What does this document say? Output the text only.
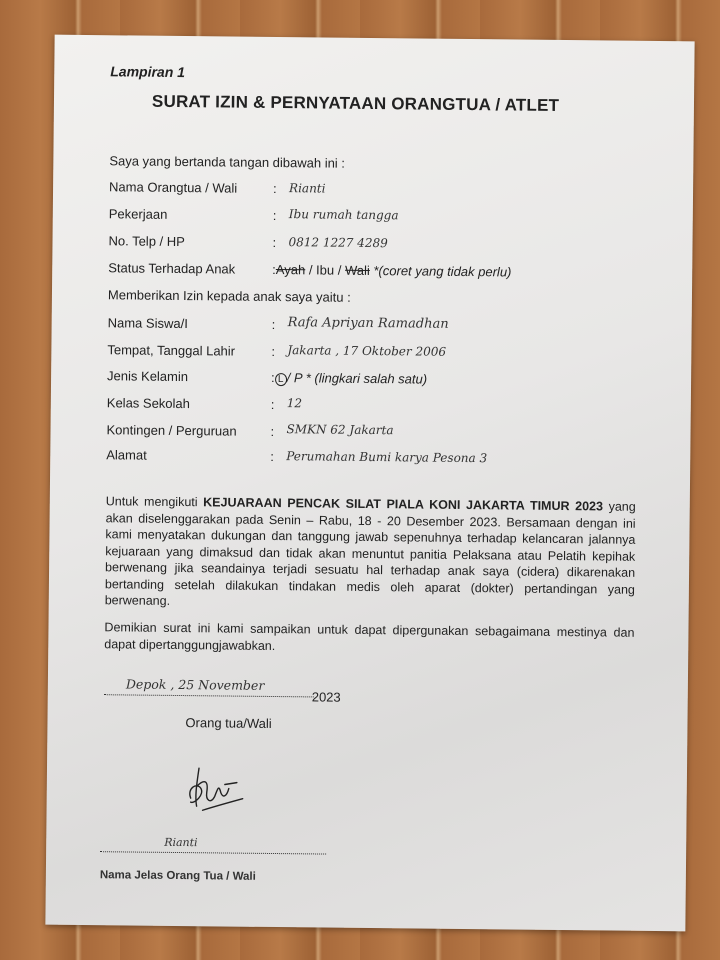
Lampiran 1
SURAT IZIN & PERNYATAAN ORANGTUA / ATLET
Saya yang bertanda tangan dibawah ini :
Nama Orangtua / Wali	: Rianti
Pekerjaan	: Ibu rumah tangga
No. Telp / HP	: 0812 1227 4289
Status Terhadap Anak	:Ayah / Ibu / Wali *(coret yang tidak perlu)
Memberikan Izin kepada anak saya yaitu :
Nama Siswa/I	: Rafa Apriyan Ramadhan
Tempat, Tanggal Lahir	: Jakarta , 17 Oktober 2006
Jenis Kelamin	: L / P * (lingkari salah satu)
Kelas Sekolah	: 12
Kontingen / Perguruan	: SMKN 62 Jakarta
Alamat	: Perumahan Bumi karya Pesona 3
Untuk mengikuti KEJUARAAN PENCAK SILAT PIALA KONI JAKARTA TIMUR 2023 yang akan diselenggarakan pada Senin – Rabu, 18 - 20 Desember 2023. Bersamaan dengan ini kami menyatakan dukungan dan tanggung jawab sepenuhnya terhadap kelancaran jalannya kejuaraan yang dimaksud dan tidak akan menuntut panitia Pelaksana atau Pelatih kepihak berwenang jika seandainya terjadi sesuatu hal terhadap anak saya (cidera) dikarenakan bertanding setelah dilakukan tindakan medis oleh aparat (dokter) pertandingan yang berwenang.
Demikian surat ini kami sampaikan untuk dapat dipergunakan sebagaimana mestinya dan dapat dipertanggungjawabkan.
Depok , 25 November
2023
Orang tua/Wali
Rianti
Nama Jelas Orang Tua / Wali
